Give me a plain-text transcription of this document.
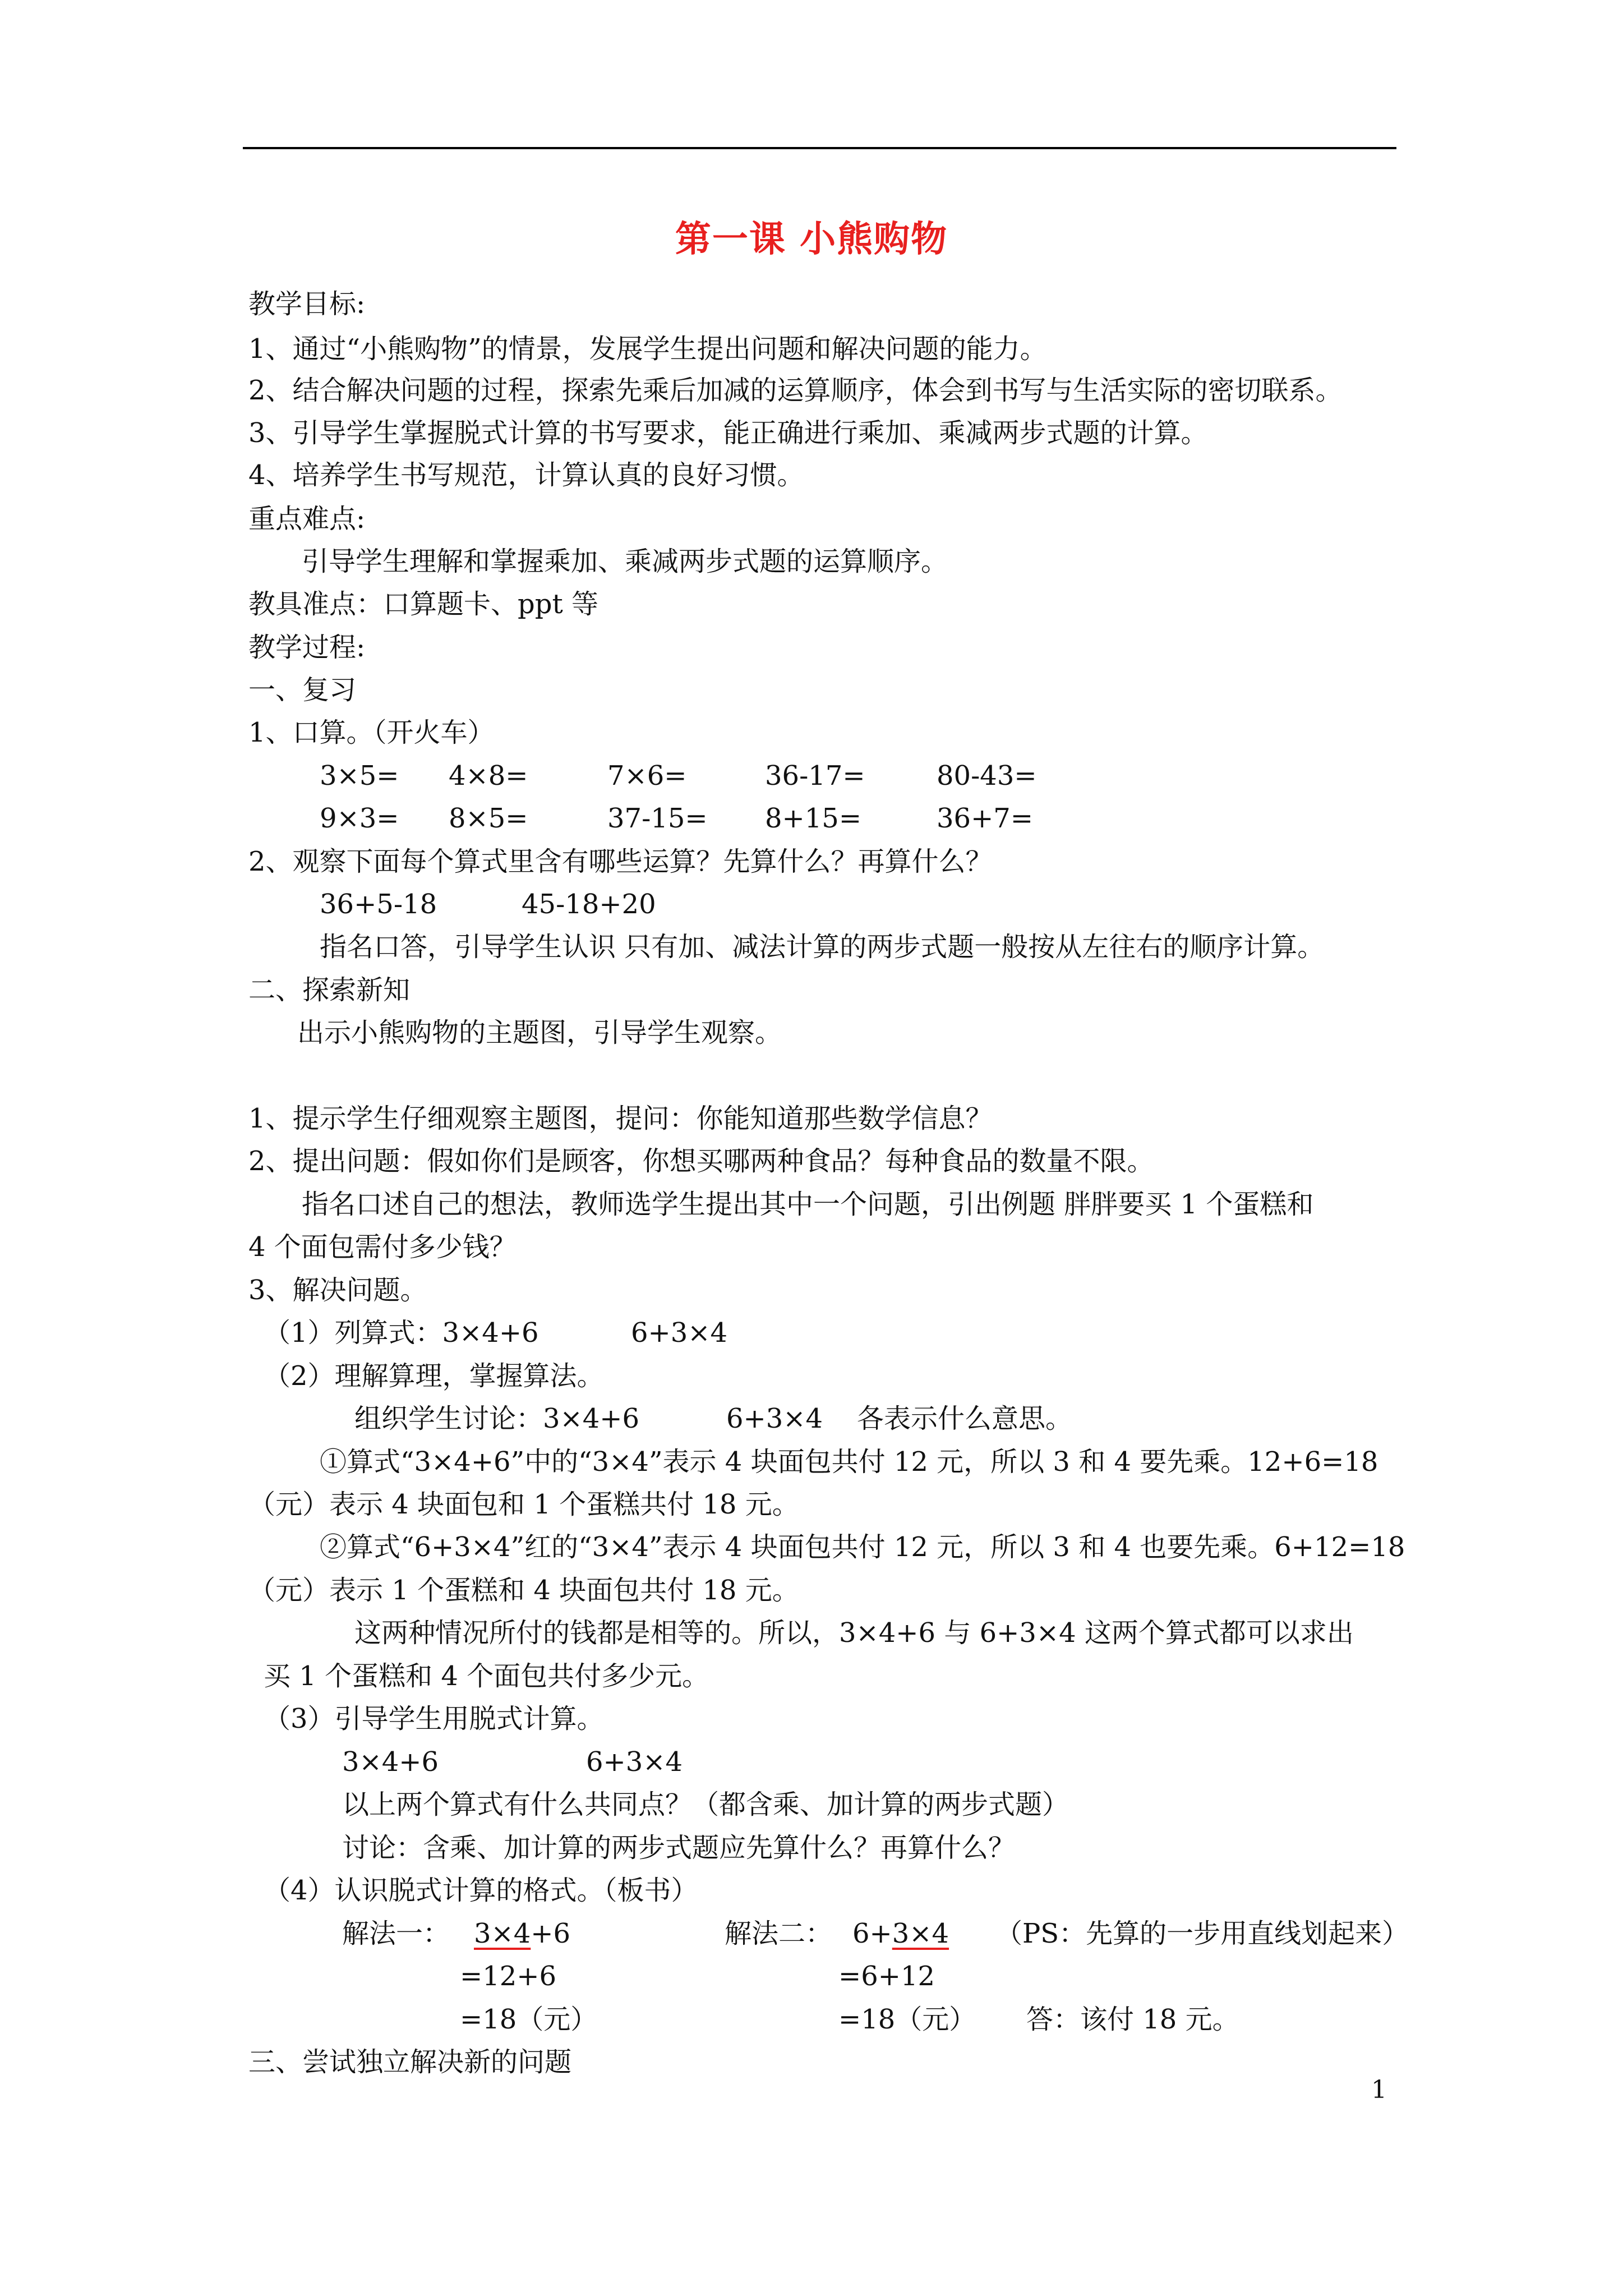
第一课 小熊购物
教学目标:
1、通过“小熊购物”的情景，发展学生提出问题和解决问题的能力。
2、结合解决问题的过程，探索先乘后加减的运算顺序，体会到书写与生活实际的密切联系。
3、引导学生掌握脱式计算的书写要求，能正确进行乘加、乘减两步式题的计算。
4、培养学生书写规范，计算认真的良好习惯。
重点难点:
引导学生理解和掌握乘加、乘减两步式题的运算顺序。
教具准点：口算题卡、ppt 等
教学过程:
一、复习
1、口算。（开火车）
3×5= 4×8=	7×6=	36-17=	80-43=
9×3= 8×5=	37-15= 8+15=	36+7=
2、观察下面每个算式里含有哪些运算？先算什么？再算什么？
36+5-18	45-18+20
指名口答，引导学生认识 只有加、减法计算的两步式题一般按从左往右的顺序计算。
二、探索新知
出示小熊购物的主题图，引导学生观察。
1、提示学生仔细观察主题图，提问：你能知道那些数学信息？
2、提出问题：假如你们是顾客，你想买哪两种食品？每种食品的数量不限。
指名口述自己的想法，教师选学生提出其中一个问题，引出例题 胖胖要买 1 个蛋糕和
4 个面包需付多少钱？
3、解决问题。
（1）列算式：3×4+6	6+3×4
（2）理解算理，掌握算法。
组织学生讨论：3×4+6	6+3×4 各表示什么意思。
①算式“3×4+6”中的“3×4”表示 4 块面包共付 12 元，所以 3 和 4 要先乘。12+6=18
（元）表示 4 块面包和 1 个蛋糕共付 18 元。
②算式“6+3×4”红的“3×4”表示 4 块面包共付 12 元，所以 3 和 4 也要先乘。6+12=18
（元）表示 1 个蛋糕和 4 块面包共付 18 元。
这两种情况所付的钱都是相等的。所以，3×4+6 与 6+3×4 这两个算式都可以求出
买 1 个蛋糕和 4 个面包共付多少元。
（3）引导学生用脱式计算。
3×4+6	6+3×4
以上两个算式有什么共同点？（都含乘、加计算的两步式题）
讨论：含乘、加计算的两步式题应先算什么？再算什么？
（4）认识脱式计算的格式。（板书）
解法一： 3×4+6
=12+6
=18（元）
解法二： 6+3×4
=6+12
=18（元）
（PS：先算的一步用直线划起来）
答：该付 18 元。
三、尝试独立解决新的问题
1
